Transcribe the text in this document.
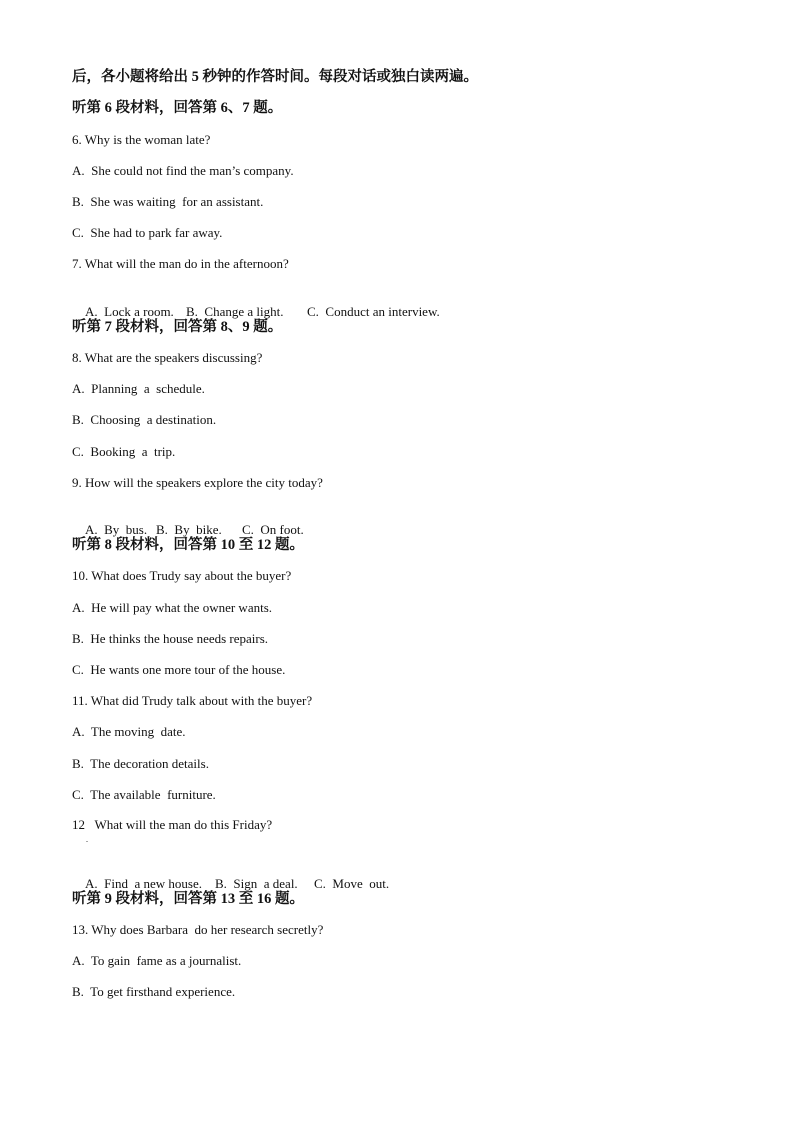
后，各小题将给出 5 秒钟的作答时间。每段对话或独白读两遍。
听第 6 段材料，回答第 6、7 题。
6. Why is the woman late?
A.  She could not find the man’s company.
B.  She was waiting  for an assistant.
C.  She had to park far away.
7. What will the man do in the afternoon?

A.  Lock a room. B.  Change a light. C.  Conduct an interview.

听第 7 段材料，回答第 8、9 题。
8. What are the speakers discussing?
A.  Planning  a  schedule.
B.  Choosing  a destination.
C.  Booking  a  trip.
9. How will the speakers explore the city today?

A.  By  bus. B.  By  bike. C.  On foot.

听第 8 段材料，回答第 10 至 12 题。
10. What does Trudy say about the buyer?
A.  He will pay what the owner wants.
B.  He thinks the house needs repairs.
C.  He wants one more tour of the house.
11. What did Trudy talk about with the buyer?
A.  The moving  date.
B.  The decoration details.
C.  The available  furniture.
12   What will the man do this Friday?
.

A.  Find  a new house. B.  Sign  a deal. C.  Move  out.

听第 9 段材料，回答第 13 至 16 题。
13. Why does Barbara  do her research secretly?
A.  To gain  fame as a journalist.
B.  To get firsthand experience.
